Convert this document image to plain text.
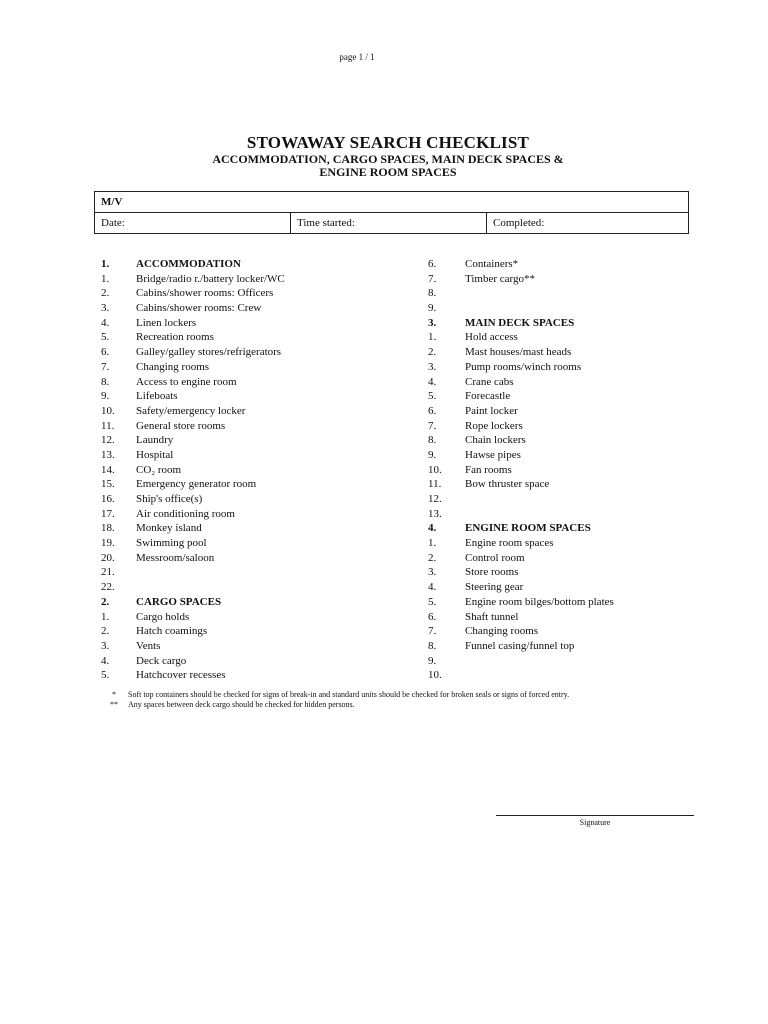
page 1 / 1
STOWAWAY SEARCH CHECKLIST
ACCOMMODATION, CARGO SPACES, MAIN DECK SPACES &
ENGINE ROOM SPACES
M/V
Date:	Time started:	Completed:
1.	ACCOMMODATION
1.	Bridge/radio r./battery locker/WC
2.	Cabins/shower rooms: Officers
3.	Cabins/shower rooms: Crew
4.	Linen lockers
5.	Recreation rooms
6.	Galley/galley stores/refrigerators
7.	Changing rooms
8.	Access to engine room
9.	Lifeboats
10.	Safety/emergency locker
11.	General store rooms
12.	Laundry
13.	Hospital
14.	CO₂ room
15.	Emergency generator room
16.	Ship's office(s)
17.	Air conditioning room
18.	Monkey island
19.	Swimming pool
20.	Messroom/saloon
21.
22.
2.	CARGO SPACES
1.	Cargo holds
2.	Hatch coamings
3.	Vents
4.	Deck cargo
5.	Hatchcover recesses
6.	Containers*
7.	Timber cargo**
8.
9.
3.	MAIN DECK SPACES
1.	Hold access
2.	Mast houses/mast heads
3.	Pump rooms/winch rooms
4.	Crane cabs
5.	Forecastle
6.	Paint locker
7.	Rope lockers
8.	Chain lockers
9.	Hawse pipes
10.	Fan rooms
11.	Bow thruster space
12.
13.
4.	ENGINE ROOM SPACES
1.	Engine room spaces
2.	Control room
3.	Store rooms
4.	Steering gear
5.	Engine room bilges/bottom plates
6.	Shaft tunnel
7.	Changing rooms
8.	Funnel casing/funnel top
9.
10.
*	Soft top containers should be checked for signs of break-in and standard units should be checked for broken seals or signs of forced entry.
**	Any spaces between deck cargo should be checked for hidden persons.
Signature
